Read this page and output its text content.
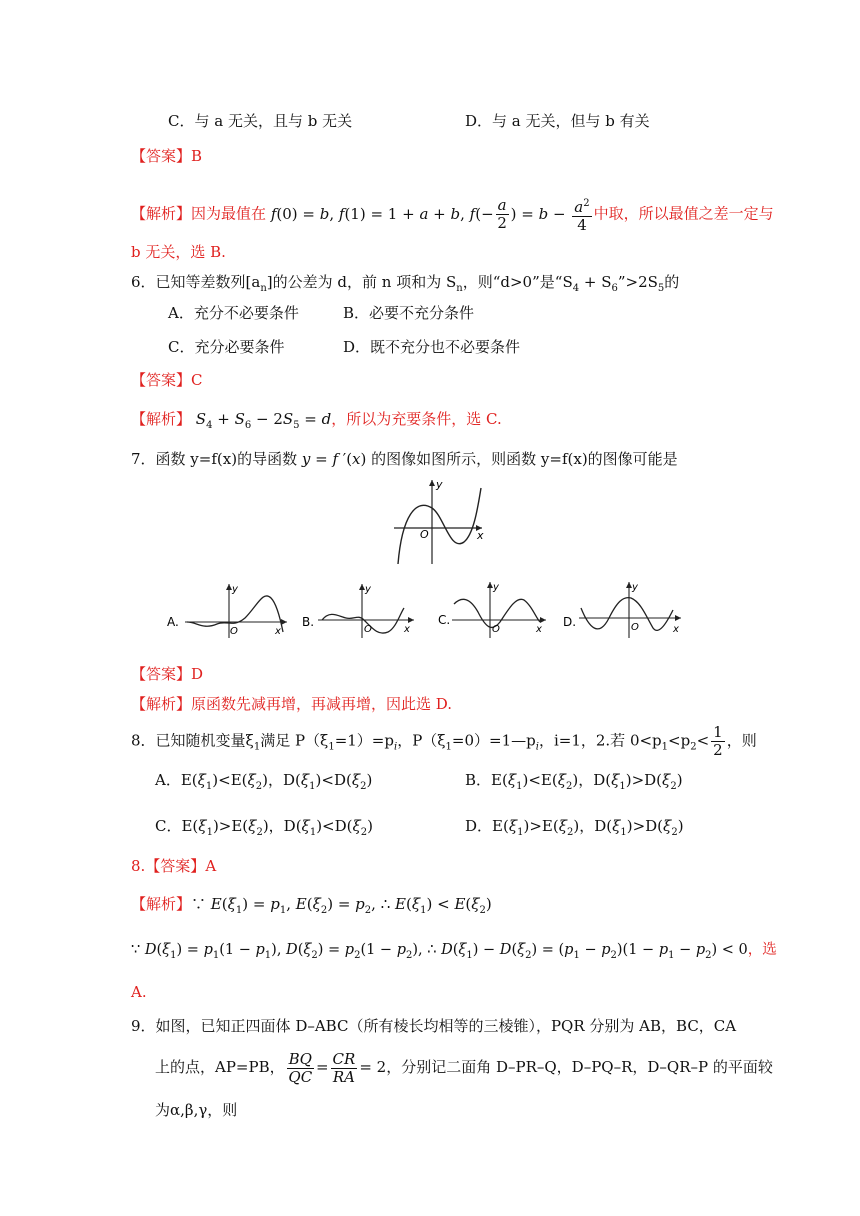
C．与 a 无关，且与 b 无关	D．与 a 无关，但与 b 有关
【答案】B
【解析】因为最值在 f(0) = b, f(1) = 1 + a + b, $f(- \frac{a}{2}$ ) = $b - \frac{a^2}{4}$ 中取，所以最值之差一定与
b 无关，选 B.
6．已知等差数列$[a_n]$的公差为 d，前 n 项和为 $S_n$，则“d>0”是“$S_4$ + $S_6”>2S_5$的
A．充分不必要条件	B．必要不充分条件
C．充分必要条件	D．既不充分也不必要条件
【答案】C
【解析】 $S_4 + S_6 - 2S_5 = d$，所以为充要条件，选 C.
7．函数 y=f(x)的导函数 y = f ′(x) 的图像如图所示，则函数 y=f(x)的图像可能是
y
x
O
A.
y
x
O
B.
y
x
O
C.
y
x
O
D.
y
x
O
【答案】D
【解析】原函数先减再增，再减再增，因此选 D.
8．已知随机变量$\xi_1$满足 $P(\xi_1=1)=p_i$，$P(\xi_1=0)=1—p_i$，i=1，2.若 $0<p_1<p_2< \frac{1}{2}$ ，则
A．$E(\xi_1)<E(\xi_2)$，$D(\xi_1)<D(\xi_2)$	B．$E(\xi_1)<E(\xi_2)$，$D(\xi_1)>D(\xi_2)$
C．$E(\xi_1)>E(\xi_2)$，$D(\xi_1)<D(\xi_2)$	D．$E(\xi_1)>E(\xi_2)$，$D(\xi_1)>D(\xi_2)$
8.【答案】A
【解析】∵ $E(\xi_1) = p_1$, $E(\xi_2) = p_2$, ∴ $E(\xi_1) < E(\xi_2)$
∵ $D(\xi_1) = p_1(1 - p_1)$, $D(\xi_2) = p_2(1 - p_2)$, ∴ $D(\xi_1) - D(\xi_2) = (p_1 - p_2)(1 - p_1 - p_2) < 0$，选
A.
9．如图，已知正四面体 D–ABC（所有棱长均相等的三棱锥），PQR 分别为 AB，BC，CA
上的点，AP=PB， $\frac{BQ}{QC} = \frac{CR}{RA} = 2$，分别记二面角 D–PR–Q，D–PQ–R，D–QR–P 的平面较
为α,β,γ，则
